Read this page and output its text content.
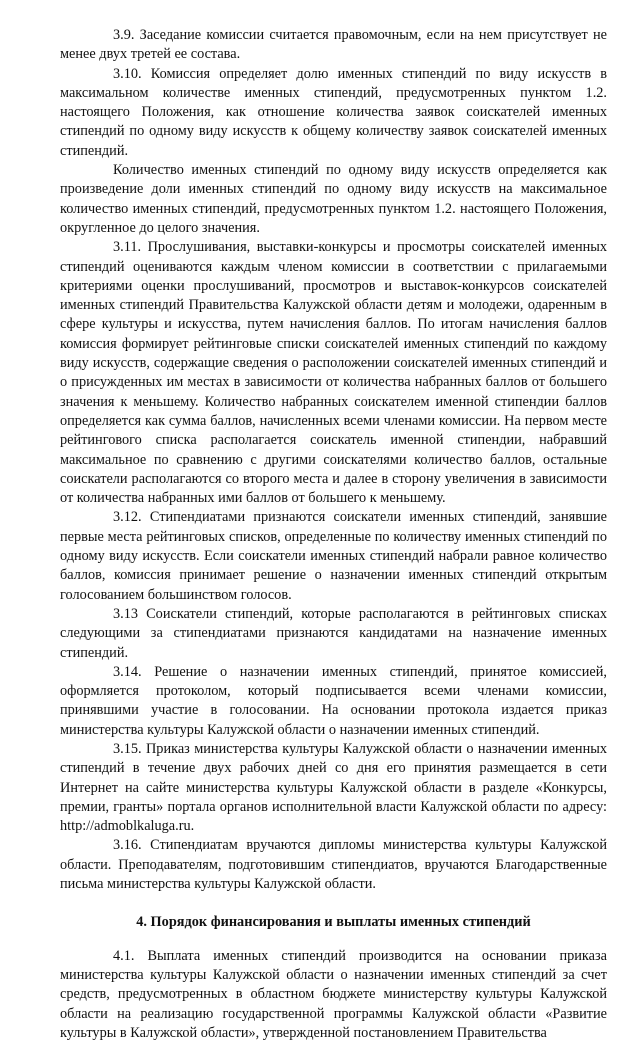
3.9. Заседание комиссии считается правомочным, если на нем присутствует не менее двух третей ее состава.

3.10. Комиссия определяет долю именных стипендий по виду искусств в максимальном количестве именных стипендий, предусмотренных пунктом 1.2. настоящего Положения, как отношение количества заявок соискателей именных стипендий по одному виду искусств к общему количеству заявок соискателей именных стипендий.

Количество именных стипендий по одному виду искусств определяется как произведение доли именных стипендий по одному виду искусств на максимальное количество именных стипендий, предусмотренных пунктом 1.2. настоящего Положения, округленное до целого значения.

3.11. Прослушивания, выставки-конкурсы и просмотры соискателей именных стипендий оцениваются каждым членом комиссии в соответствии с прилагаемыми критериями оценки прослушиваний, просмотров и выставок-конкурсов соискателей именных стипендий Правительства Калужской области детям и молодежи, одаренным в сфере культуры и искусства, путем начисления баллов. По итогам начисления баллов комиссия формирует рейтинговые списки соискателей именных стипендий по каждому виду искусств, содержащие сведения о расположении соискателей именных стипендий и о присужденных им местах в зависимости от количества набранных баллов от большего значения к меньшему. Количество набранных соискателем именной стипендии баллов определяется как сумма баллов, начисленных всеми членами комиссии. На первом месте рейтингового списка располагается соискатель именной стипендии, набравший максимальное по сравнению с другими соискателями количество баллов, остальные соискатели располагаются со второго места и далее в сторону увеличения в зависимости от количества набранных ими баллов от большего к меньшему.

3.12. Стипендиатами признаются соискатели именных стипендий, занявшие первые места рейтинговых списков, определенные по количеству именных стипендий по одному виду искусств. Если соискатели именных стипендий набрали равное количество баллов, комиссия принимает решение о назначении именных стипендий открытым голосованием большинством голосов.

3.13 Соискатели стипендий, которые располагаются в рейтинговых списках следующими за стипендиатами признаются кандидатами на назначение именных стипендий.

3.14. Решение о назначении именных стипендий, принятое комиссией, оформляется протоколом, который подписывается всеми членами комиссии, принявшими участие в голосовании. На основании протокола издается приказ министерства культуры Калужской области о назначении именных стипендий.

3.15. Приказ министерства культуры Калужской области о назначении именных стипендий в течение двух рабочих дней со дня его принятия размещается в сети Интернет на сайте министерства культуры Калужской области в разделе «Конкурсы, премии, гранты» портала органов исполнительной власти Калужской области по адресу: http://admoblkaluga.ru.

3.16. Стипендиатам вручаются дипломы министерства культуры Калужской области. Преподавателям, подготовившим стипендиатов, вручаются Благодарственные письма министерства культуры Калужской области.

4. Порядок финансирования и выплаты именных стипендий

4.1. Выплата именных стипендий производится на основании приказа министерства культуры Калужской области о назначении именных стипендий за счет средств, предусмотренных в областном бюджете министерству культуры Калужской области на реализацию государственной программы Калужской области «Развитие культуры в Калужской области», утвержденной постановлением Правительства
